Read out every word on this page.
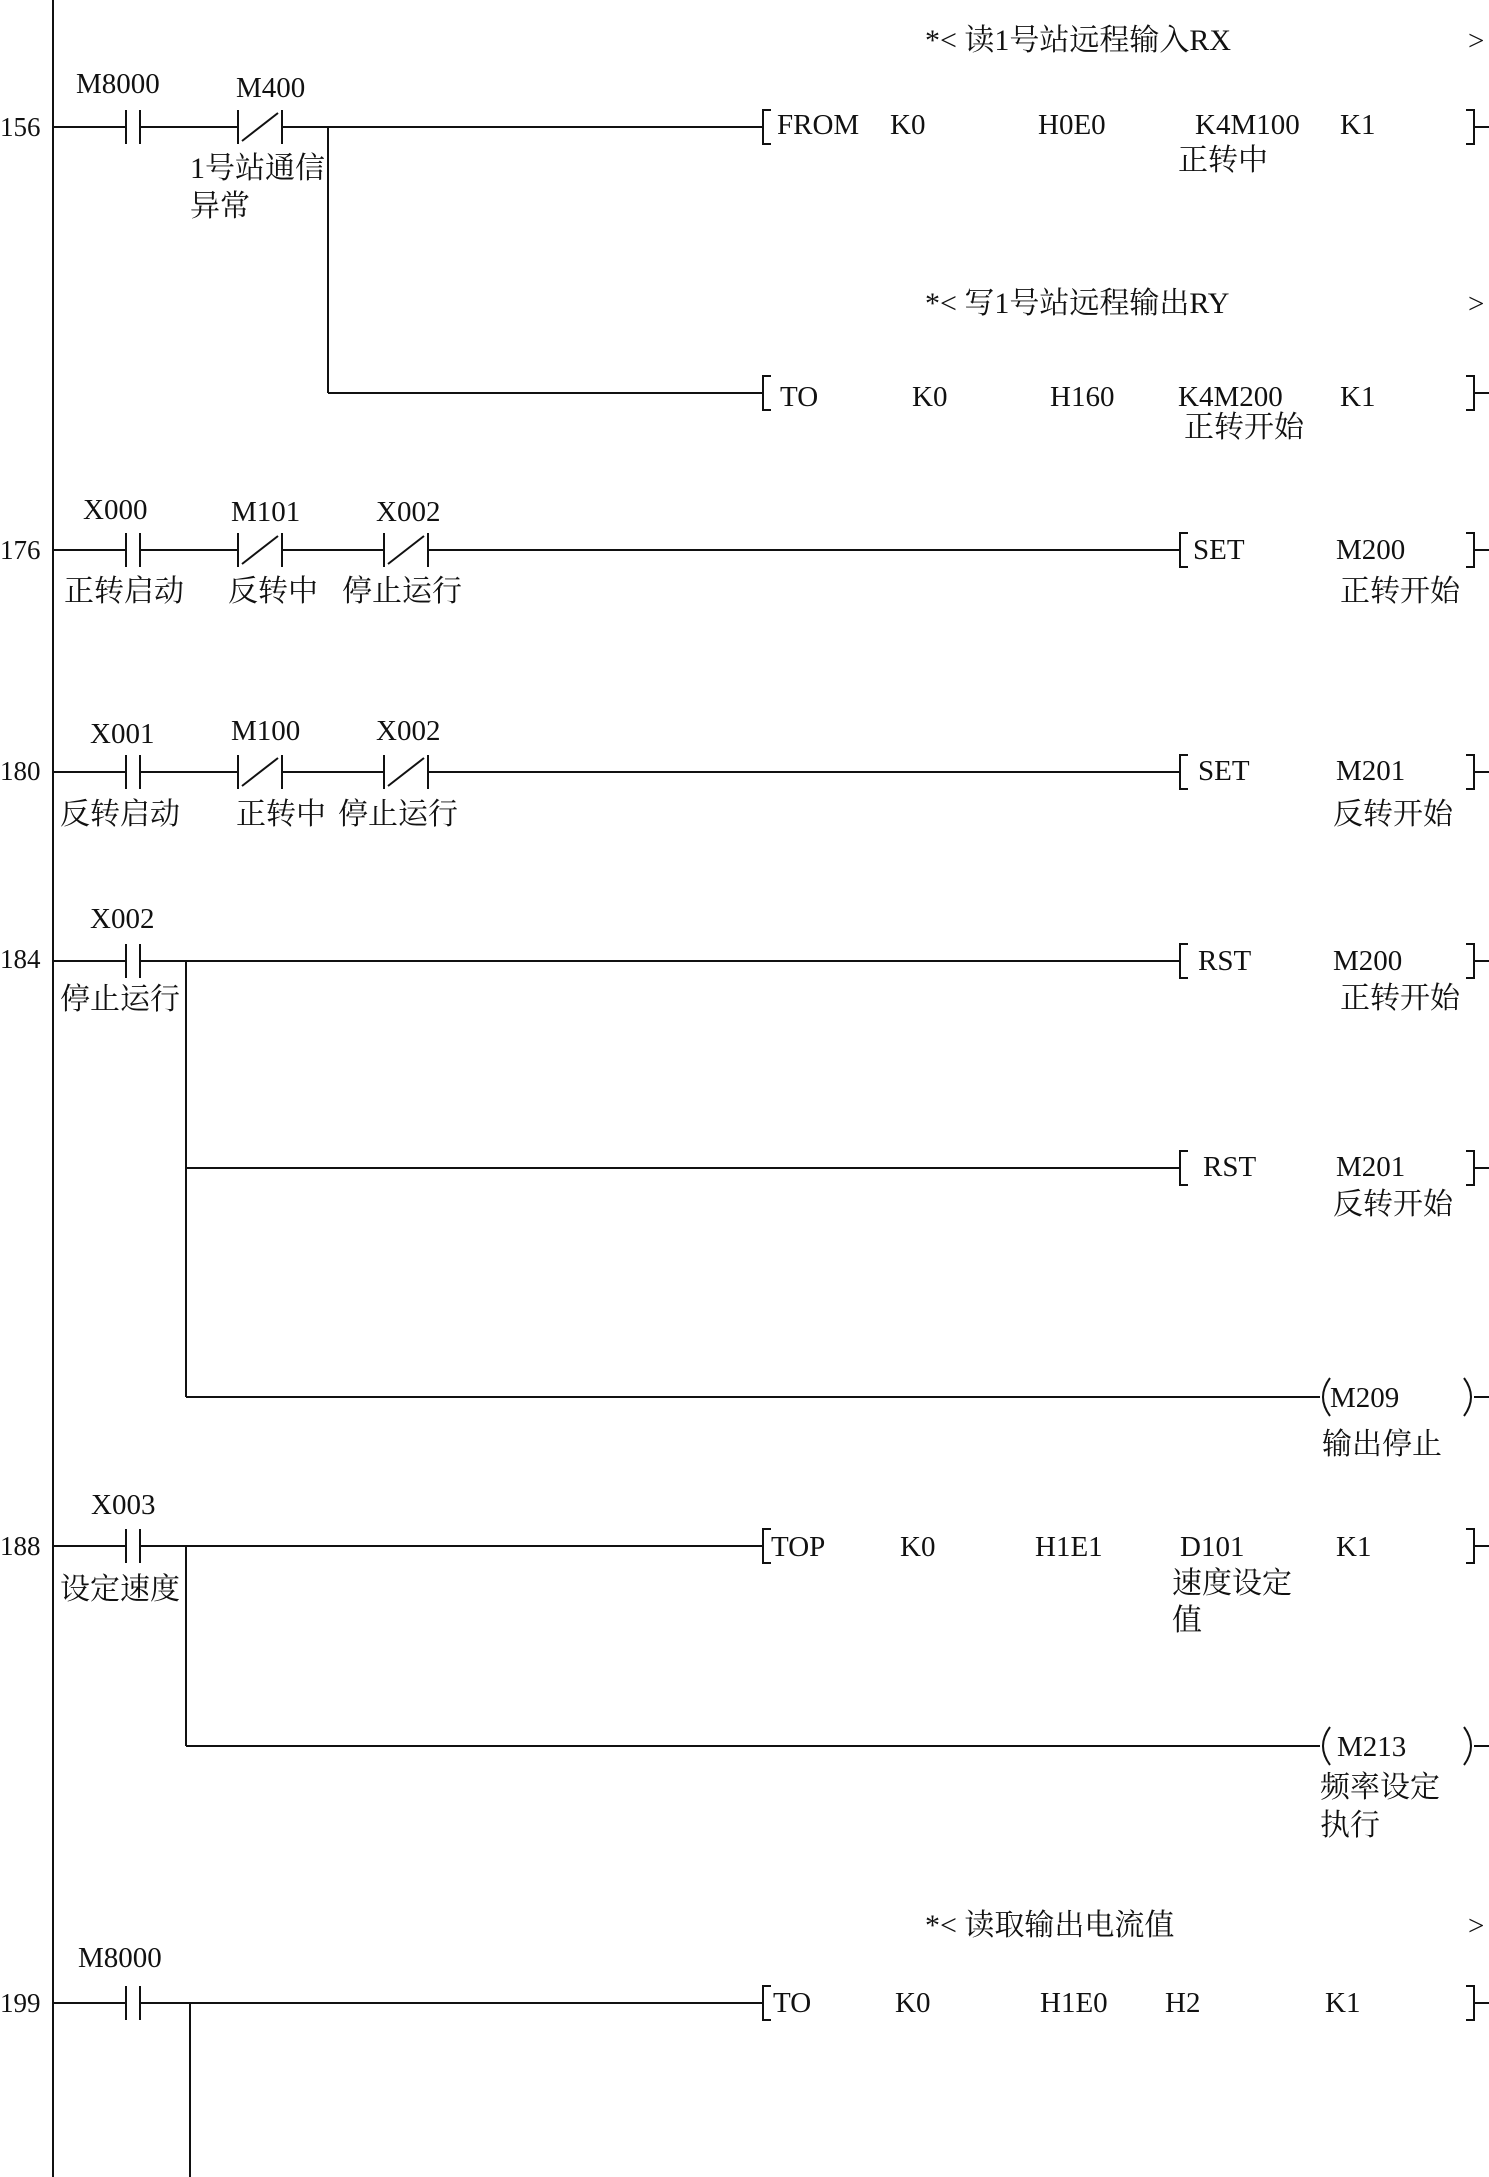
*< 读1号站远程输入RX	>
156
M8000	M400
1号站通信
异常
FROM K0	H0E0	K4M100 K1
正转中
*< 写1号站远程输出RY	>
TO	K0	H160 K4M200 K1
正转开始
176
X000
正转启动
M101
反转中
X002
停止运行
SET	M200
正转开始
180
X001
反转启动
M100
正转中
X002
停止运行
SET	M201
反转开始
184
X002
停止运行
RST	M200
正转开始
RST	M201
反转开始
M209
输出停止
188
X003
设定速度
TOP	K0	H1E1	D101	K1
速度设定
值
M213
频率设定
执行
*< 读取输出电流值	>
199
M8000
TO	K0	H1E0 H2	K1
